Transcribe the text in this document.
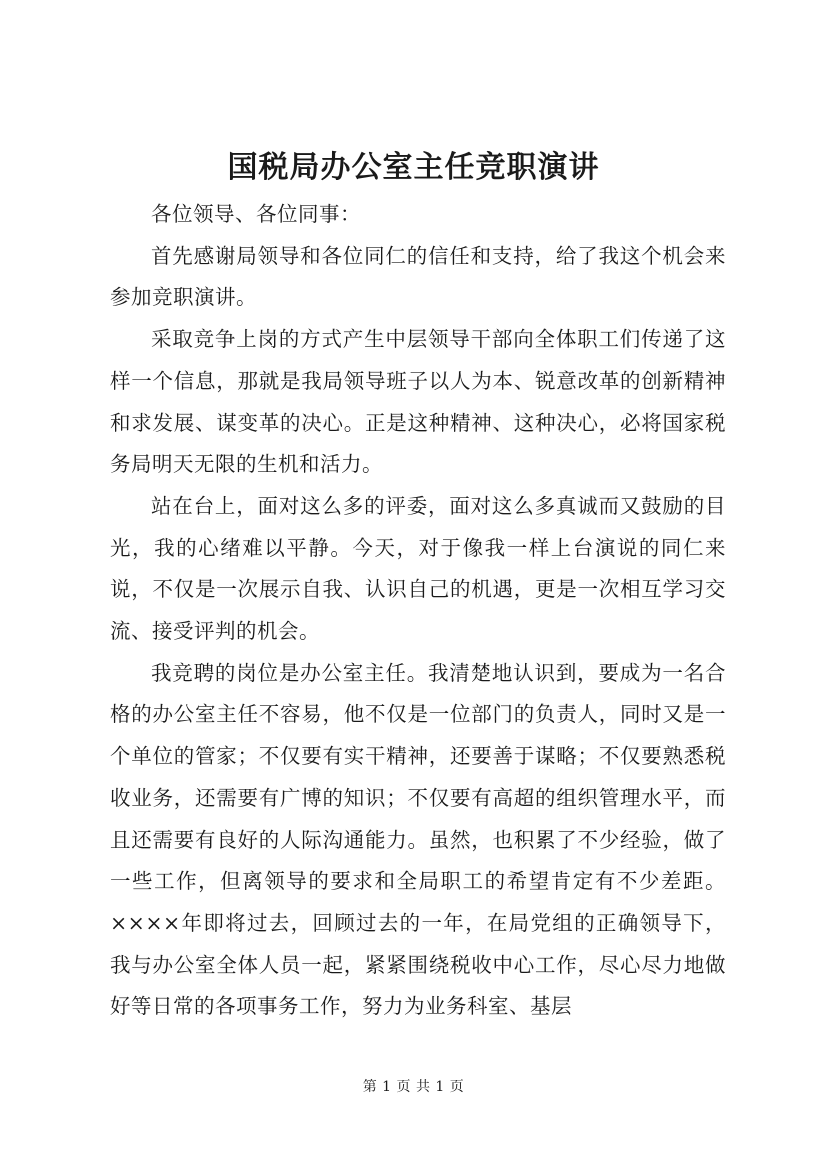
国税局办公室主任竞职演讲

各位领导、各位同事：

首先感谢局领导和各位同仁的信任和支持，给了我这个机会来参加竞职演讲。

采取竞争上岗的方式产生中层领导干部向全体职工们传递了这样一个信息，那就是我局领导班子以人为本、锐意改革的创新精神和求发展、谋变革的决心。正是这种精神、这种决心，必将国家税务局明天无限的生机和活力。

站在台上，面对这么多的评委，面对这么多真诚而又鼓励的目光，我的心绪难以平静。今天，对于像我一样上台演说的同仁来说，不仅是一次展示自我、认识自己的机遇，更是一次相互学习交流、接受评判的机会。

我竞聘的岗位是办公室主任。我清楚地认识到，要成为一名合格的办公室主任不容易，他不仅是一位部门的负责人，同时又是一个单位的管家；不仅要有实干精神，还要善于谋略；不仅要熟悉税收业务，还需要有广博的知识；不仅要有高超的组织管理水平，而且还需要有良好的人际沟通能力。虽然，也积累了不少经验，做了一些工作，但离领导的要求和全局职工的希望肯定有不少差距。××××年即将过去，回顾过去的一年，在局党组的正确领导下，我与办公室全体人员一起，紧紧围绕税收中心工作，尽心尽力地做好等日常的各项事务工作，努力为业务科室、基层

第 1 页 共 1 页
